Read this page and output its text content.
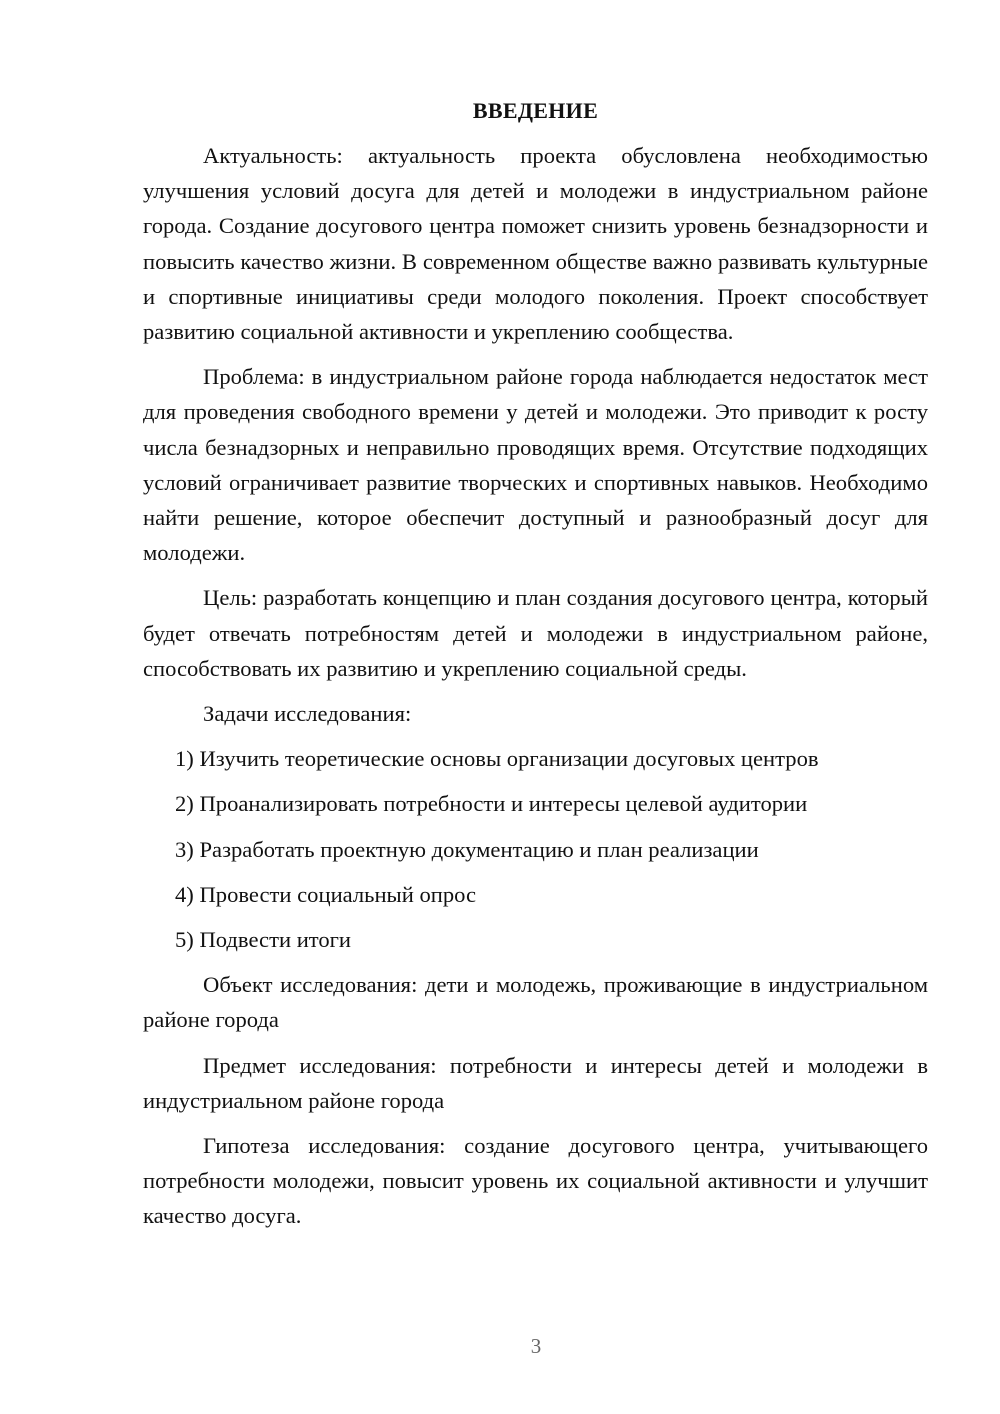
ВВЕДЕНИЕ

Актуальность: актуальность проекта обусловлена необходимостью улучшения условий досуга для детей и молодежи в индустриальном районе города. Создание досугового центра поможет снизить уровень безнадзорности и повысить качество жизни. В современном обществе важно развивать культурные и спортивные инициативы среди молодого поколения. Проект способствует развитию социальной активности и укреплению сообщества.

Проблема: в индустриальном районе города наблюдается недостаток мест для проведения свободного времени у детей и молодежи. Это приводит к росту числа безнадзорных и неправильно проводящих время. Отсутствие подходящих условий ограничивает развитие творческих и спортивных навыков. Необходимо найти решение, которое обеспечит доступный и разнообразный досуг для молодежи.

Цель: разработать концепцию и план создания досугового центра, который будет отвечать потребностям детей и молодежи в индустриальном районе, способствовать их развитию и укреплению социальной среды.

Задачи исследования:

1) Изучить теоретические основы организации досуговых центров
2) Проанализировать потребности и интересы целевой аудитории
3) Разработать проектную документацию и план реализации
4) Провести социальный опрос
5) Подвести итоги

Объект исследования: дети и молодежь, проживающие в индустриальном районе города

Предмет исследования: потребности и интересы детей и молодежи в индустриальном районе города

Гипотеза исследования: создание досугового центра, учитывающего потребности молодежи, повысит уровень их социальной активности и улучшит качество досуга.

3
